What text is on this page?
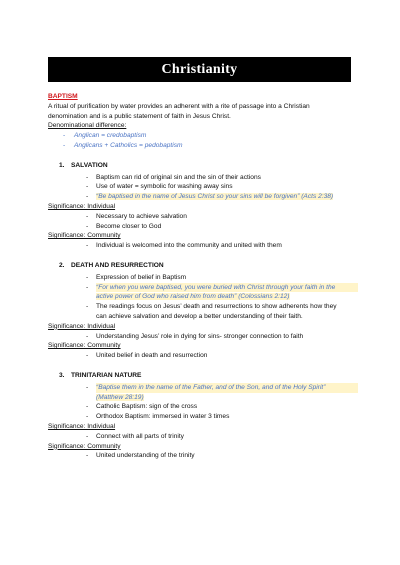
Christianity
BAPTISM
A ritual of purification by water provides an adherent with a rite of passage into a Christian
denomination and is a public statement of faith in Jesus Christ.
Denominational difference:
- Anglican = credobaptism
- Anglicans + Catholics = pedobaptism
1. SALVATION
- Baptism can rid of original sin and the sin of their actions
- Use of water = symbolic for washing away sins
- “Be baptised in the name of Jesus Christ so your sins will be forgiven” (Acts 2:38)
Significance: Individual
- Necessary to achieve salvation
- Become closer to God
Significance: Community
- Individual is welcomed into the community and united with them
2. DEATH AND RESURRECTION
- Expression of belief in Baptism
- “For when you were baptised, you were buried with Christ through your faith in the
active power of God who raised him from death” (Colossians 2:12)
- The readings focus on Jesus’ death and resurrections to show adherents how they
can achieve salvation and develop a better understanding of their faith.
Significance: Individual
- Understanding Jesus’ role in dying for sins- stronger connection to faith
Significance: Community
- United belief in death and resurrection
3. TRINITARIAN NATURE
- “Baptise them in the name of the Father, and of the Son, and of the Holy Spirit”
(Matthew 28:19)
- Catholic Baptism: sign of the cross
- Orthodox Baptism: immersed in water 3 times
Significance: Individual
- Connect with all parts of trinity
Significance: Community
- United understanding of the trinity
